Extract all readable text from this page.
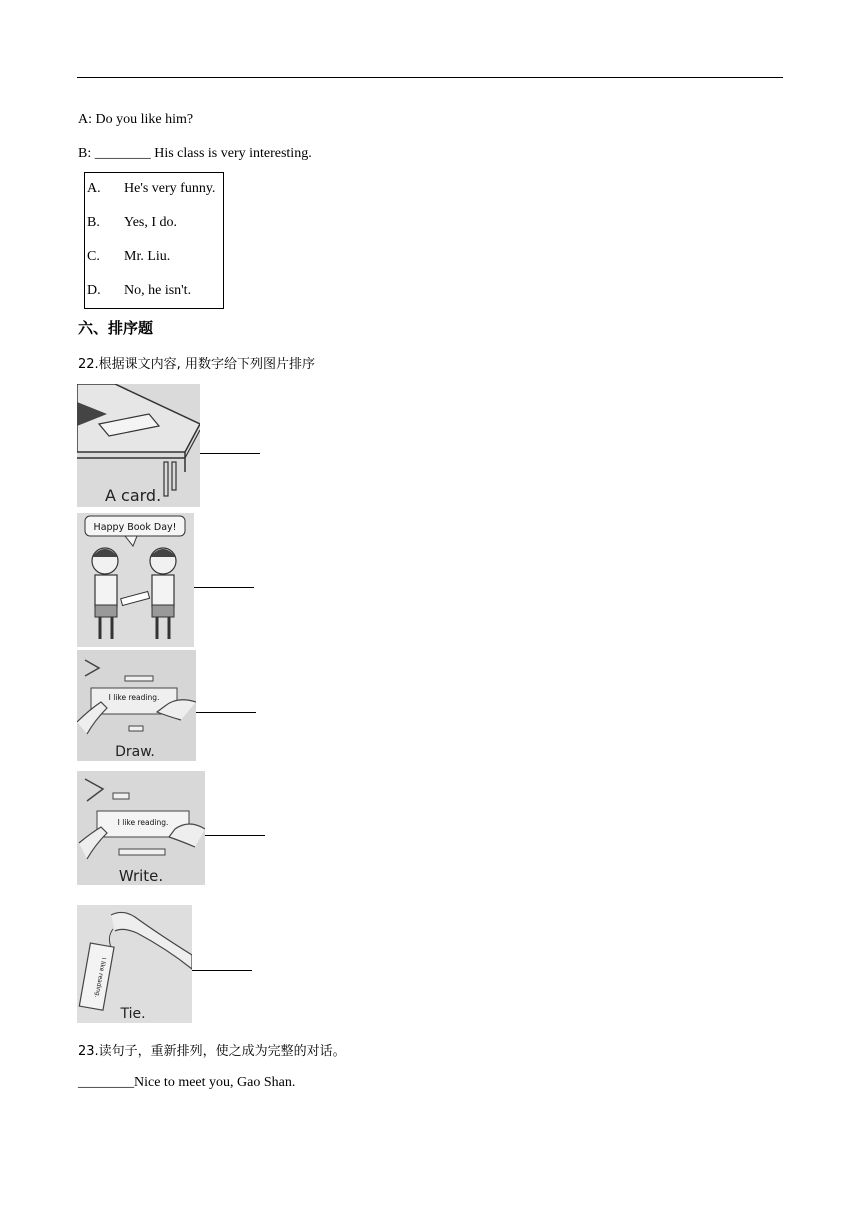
A: Do you like him?
B: ________ His class is very interesting.
A. He's very funny.
B. Yes, I do.
C. Mr. Liu.
D. No, he isn't.
六、排序题
22.根据课文内容, 用数字给下列图片排序
A card.
Happy Book Day!
I like reading.
Draw.
I like reading.
Write.
I like reading.
Tie.
23.读句子，重新排列，使之成为完整的对话。
________Nice to meet you, Gao Shan.
